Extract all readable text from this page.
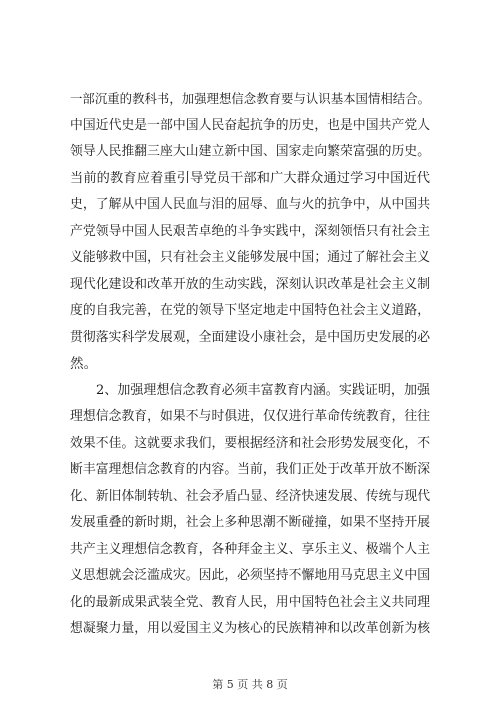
一部沉重的教科书，加强理想信念教育要与认识基本国情相结合。
中国近代史是一部中国人民奋起抗争的历史，也是中国共产党人
领导人民推翻三座大山建立新中国、国家走向繁荣富强的历史。
当前的教育应着重引导党员干部和广大群众通过学习中国近代
史，了解从中国人民血与泪的屈辱、血与火的抗争中，从中国共
产党领导中国人民艰苦卓绝的斗争实践中，深刻领悟只有社会主
义能够救中国，只有社会主义能够发展中国；通过了解社会主义
现代化建设和改革开放的生动实践，深刻认识改革是社会主义制
度的自我完善，在党的领导下坚定地走中国特色社会主义道路，
贯彻落实科学发展观，全面建设小康社会，是中国历史发展的必
然。
　　2、加强理想信念教育必须丰富教育内涵。实践证明，加强
理想信念教育，如果不与时俱进，仅仅进行革命传统教育，往往
效果不佳。这就要求我们，要根据经济和社会形势发展变化，不
断丰富理想信念教育的内容。当前，我们正处于改革开放不断深
化、新旧体制转轨、社会矛盾凸显、经济快速发展、传统与现代
发展重叠的新时期，社会上多种思潮不断碰撞，如果不坚持开展
共产主义理想信念教育，各种拜金主义、享乐主义、极端个人主
义思想就会泛滥成灾。因此，必须坚持不懈地用马克思主义中国
化的最新成果武装全党、教育人民，用中国特色社会主义共同理
想凝聚力量，用以爱国主义为核心的民族精神和以改革创新为核
第 5 页 共 8 页
